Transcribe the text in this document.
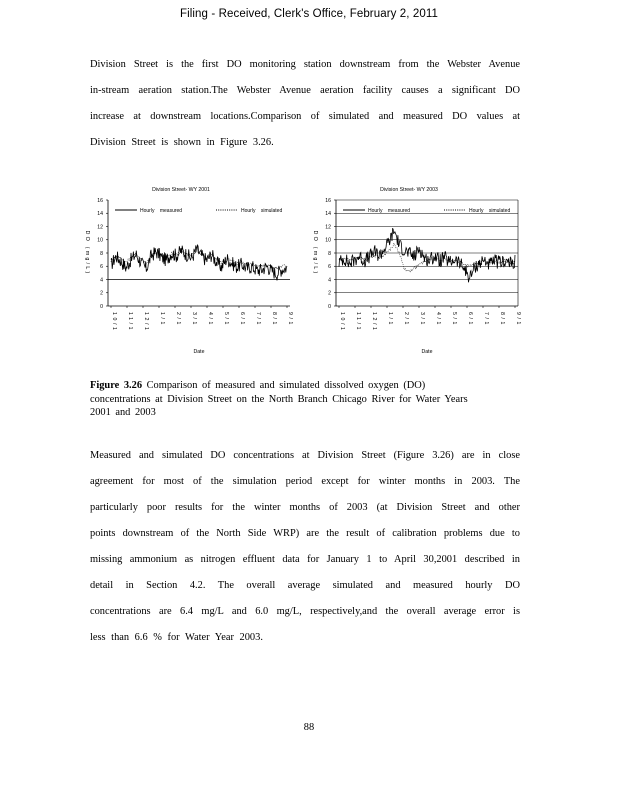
Filing - Received, Clerk's Office, February 2, 2011
Division Street is the first DO monitoring station downstream from the Webster Avenue
in-stream aeration station.The Webster Avenue aeration facility causes a significant DO
increase at downstream locations.Comparison of simulated and measured DO values at
Division Street is shown in Figure 3.26.
Division Street- WY 2001
0
2
4
6
8
10
12
14
16
DO (mg/L)
10/1 11/1 12/1 1/1 2/1 3/1 4/1 5/1 6/1 7/1 8/1 9/1
Date
Hourly measured	Hourly simulated
Division Street- WY 2003
0
2
4
6
8
10
12
14
16
DO (mg/L)
10/1 11/1 12/1 1/1 2/1 3/1 4/1 5/1 6/1 7/1 8/1 9/1
Date
Hourly measured	Hourly simulated
Figure 3.26 Comparison of measured and simulated dissolved oxygen (DO)
concentrations at Division Street on the North Branch Chicago River for Water Years
2001 and 2003
Measured and simulated DO concentrations at Division Street (Figure 3.26) are in close
agreement for most of the simulation period except for winter months in 2003. The
particularly poor results for the winter months of 2003 (at Division Street and other
points downstream of the North Side WRP) are the result of calibration problems due to
missing ammonium as nitrogen effluent data for January 1 to April 30,2001 described in
detail in Section 4.2. The overall average simulated and measured hourly DO
concentrations are 6.4 mg/L and 6.0 mg/L, respectively,and the overall average error is
less than 6.6 % for Water Year 2003.
88
